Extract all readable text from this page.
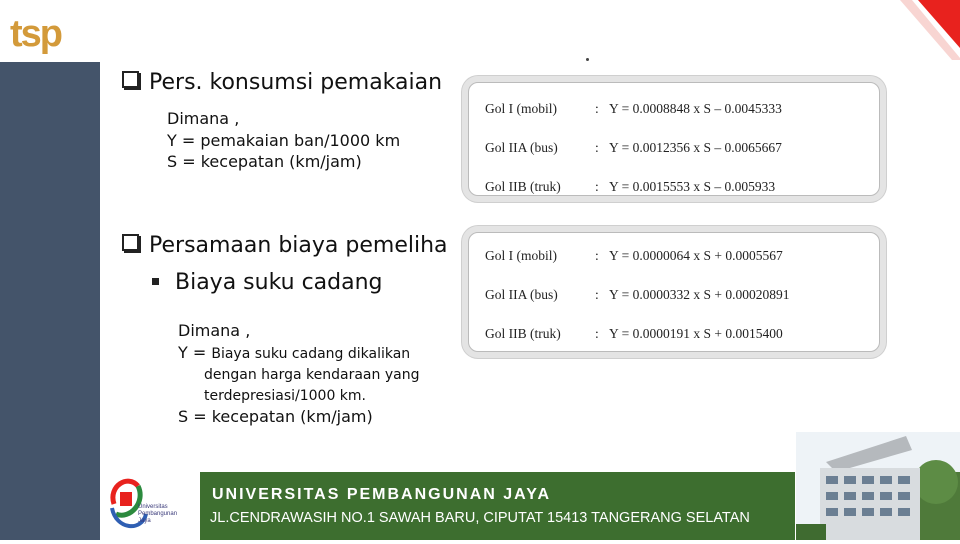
tsp
Pers. konsumsi pemakaian
Dimana ,
Y = pemakaian ban/1000 km
S = kecepatan (km/jam)
Persamaan biaya pemeliha
Biaya suku cadang
Dimana ,
Y = Biaya suku cadang dikalikan
dengan harga kendaraan yang
terdepresiasi/1000 km.
S = kecepatan (km/jam)
Gol I (mobil)	: Y = 0.0008848 x S – 0.0045333
Gol IIA (bus)	: Y = 0.0012356 x S – 0.0065667
Gol IIB (truk)	: Y = 0.0015553 x S – 0.005933
Gol I (mobil)	: Y = 0.0000064 x S + 0.0005567
Gol IIA (bus)	: Y = 0.0000332 x S + 0.00020891
Gol IIB (truk)	: Y = 0.0000191 x S + 0.0015400
Universitas
Pembangunan
Jaya
UNIVERSITAS PEMBANGUNAN JAYA
JL.CENDRAWASIH NO.1 SAWAH BARU, CIPUTAT 15413 TANGERANG SELATAN
